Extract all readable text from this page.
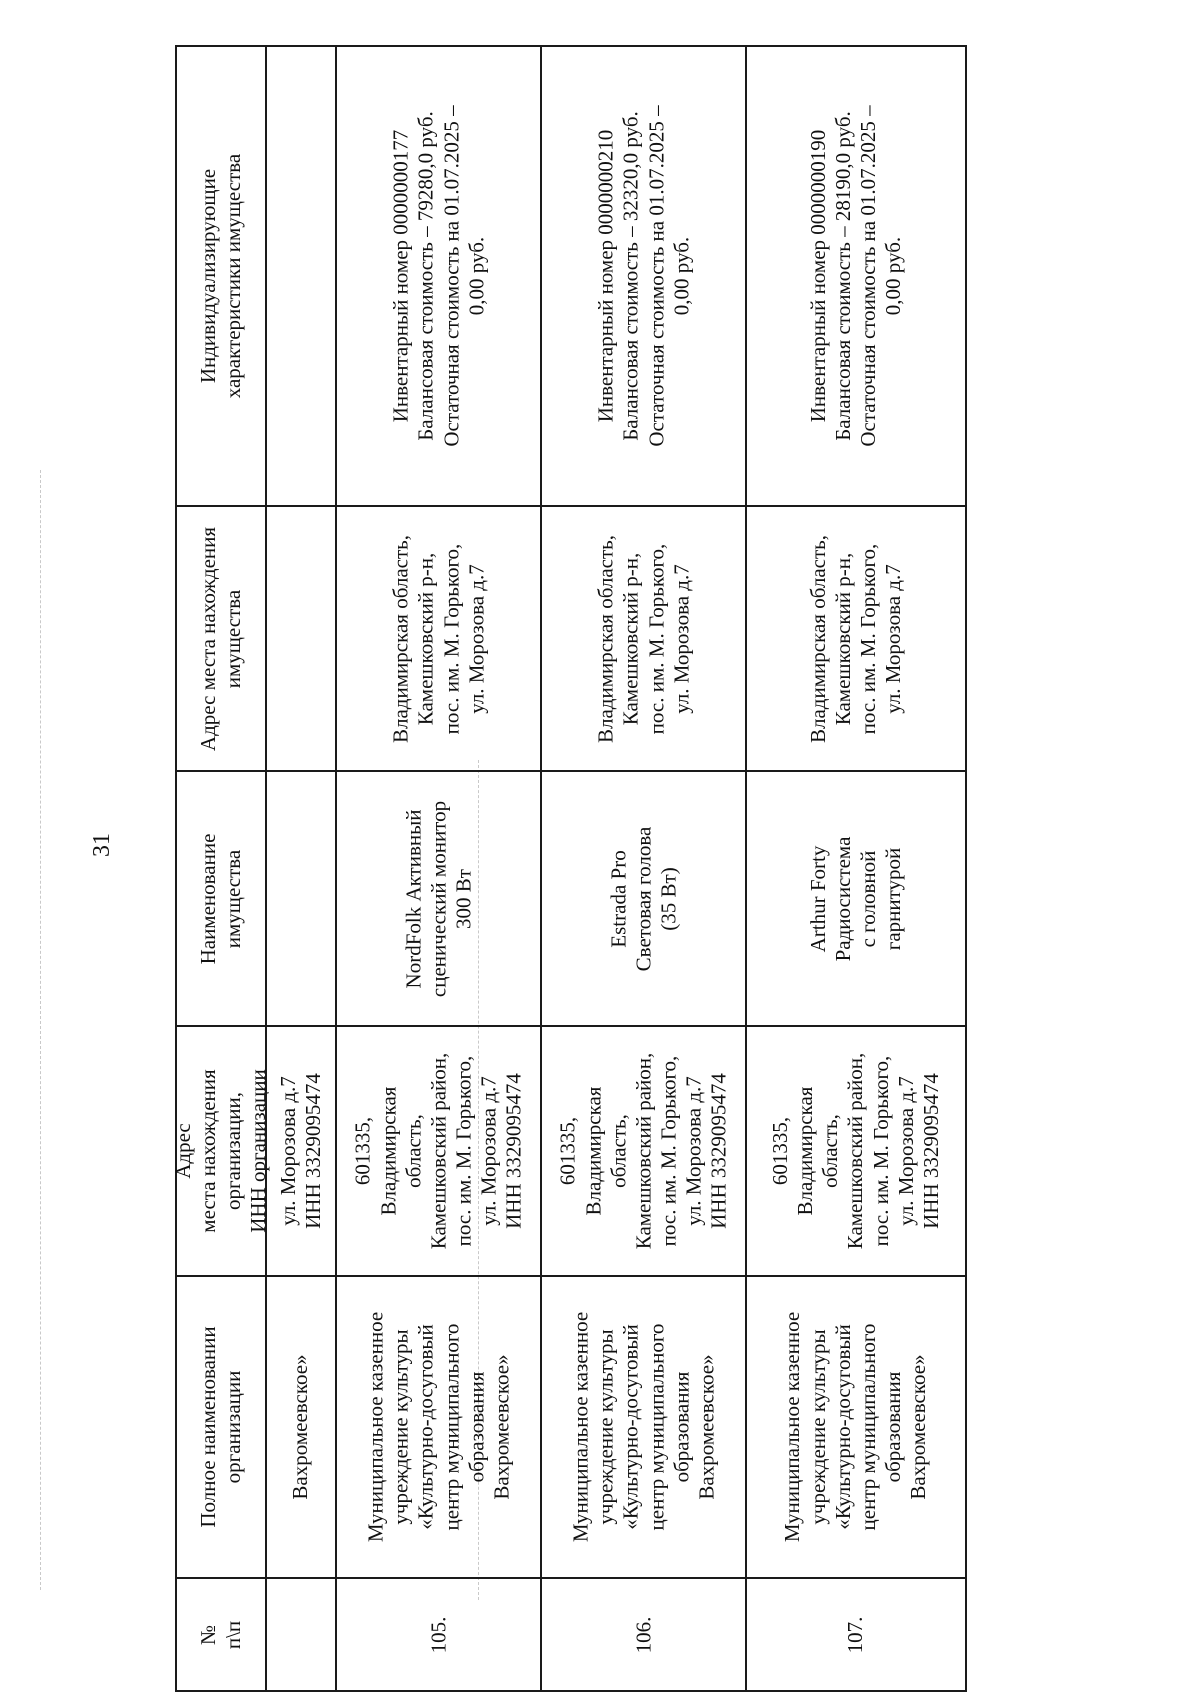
31
№
п\п
Полное наименовании
организации
Адрес
места нахождения
организации,
ИНН организации
Наименование
имущества
Адрес места нахождения
имущества
Индивидуализирующие
характеристики имущества
Вахромеевское»
ул. Морозова д.7
ИНН 3329095474
105.
Муниципальное казенное
учреждение культуры
«Культурно-досуговый
центр муниципального
образования
Вахромеевское»
601335,
Владимирская
область,
Камешковский район,
пос. им. М. Горького,
ул. Морозова д.7
ИНН 3329095474
NordFolk Активный
сценический монитор
300 Вт
Владимирская область,
Камешковский р-н,
пос. им. М. Горького,
ул. Морозова д.7
Инвентарный номер 0000000177
Балансовая стоимость – 79280,0 руб.
Остаточная стоимость на 01.07.2025 –
0,00 руб.
106.
Муниципальное казенное
учреждение культуры
«Культурно-досуговый
центр муниципального
образования
Вахромеевское»
601335,
Владимирская
область,
Камешковский район,
пос. им. М. Горького,
ул. Морозова д.7
ИНН 3329095474
Estrada Pro
Световая голова
(35 Вт)
Владимирская область,
Камешковский р-н,
пос. им. М. Горького,
ул. Морозова д.7
Инвентарный номер 0000000210
Балансовая стоимость – 32320,0 руб.
Остаточная стоимость на 01.07.2025 –
0,00 руб.
107.
Муниципальное казенное
учреждение культуры
«Культурно-досуговый
центр муниципального
образования
Вахромеевское»
601335,
Владимирская
область,
Камешковский район,
пос. им. М. Горького,
ул. Морозова д.7
ИНН 3329095474
Arthur Forty
Радиосистема
с головной
гарнитурой
Владимирская область,
Камешковский р-н,
пос. им. М. Горького,
ул. Морозова д.7
Инвентарный номер 0000000190
Балансовая стоимость – 28190,0 руб.
Остаточная стоимость на 01.07.2025 –
0,00 руб.
